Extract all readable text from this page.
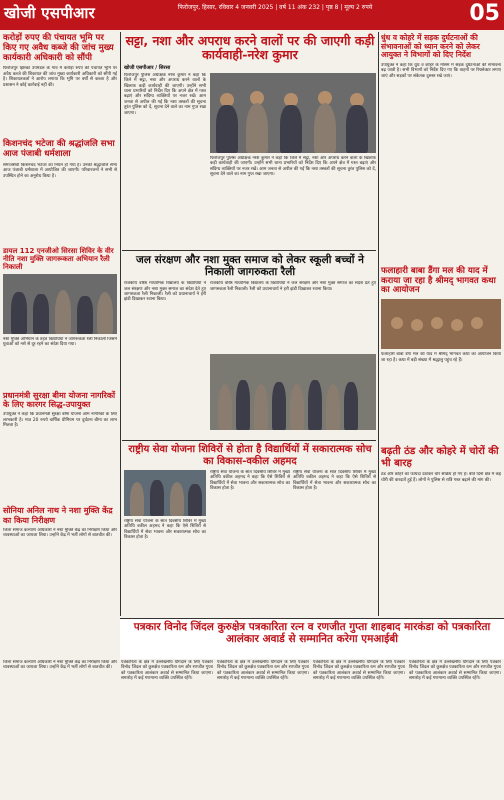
खोजी एसपीआर	फिरोजपुर, हिसार, रविवार 4 जनवरी 2025 | वर्ष 11 अंक 232 | पृष्ठ 8 | मूल्य 2 रुपये	05
करोड़ों रुपए की पंचायत भूमि पर किए गए अवैध कब्जे की जांच मुख्य कार्यकारी अधिकारी को सौंपी

फिरोजपुर झिरका उपमंडल के गांव में करोड़ों रुपए की पंचायत भूमि पर अवैध कब्जे की शिकायत की जांच मुख्य कार्यकारी अधिकारी को सौंपी गई है। शिकायतकर्ता ने आरोप लगाया कि भूमि पर वर्षों से कब्जा है और प्रशासन ने कोई कार्रवाई नहीं की।

किशनचंद भटेजा की श्रद्धांजलि सभा आज पंजाबी धर्मशाला

समाजसेवी किशनचंद भटेजा का निधन हो गया है। उनकी श्रद्धांजलि सभा आज पंजाबी धर्मशाला में आयोजित की जाएगी। परिवारजनों ने सभी से उपस्थित होने का अनुरोध किया है।

डायल 112 एनजीओ सिरसा शिविर के वीर नीति नशा मुक्ति जागरूकता अभियान रैली निकाली

नशा मुक्ति अभियान के तहत विद्यार्थियों ने जागरूकता रैली निकाली जिसमें युवाओं को नशे से दूर रहने का संदेश दिया गया।

प्रधानमंत्री सुरक्षा बीमा योजना नागरिकों के लिए कारगर सिद्ध-उपायुक्त

उपायुक्त ने कहा कि प्रधानमंत्री सुरक्षा बीमा योजना आम नागरिकों के लिए लाभकारी है। मात्र 20 रुपये वार्षिक प्रीमियम पर दुर्घटना बीमा का लाभ मिलता है।

सोनिया अनिल नाथ ने नशा मुक्ति केंद्र का किया निरीक्षण

जिला समाज कल्याण अधिकारी ने नशा मुक्ति केंद्र का निरीक्षण किया और व्यवस्थाओं का जायजा लिया। उन्होंने केंद्र में भर्ती लोगों से बातचीत की।

सट्टा, नशा और अपराध करने वालों पर की जाएगी कड़ी कार्यवाही-नरेश कुमार
खोजी एसपीआर / सिरसा

फिरोजपुर पुलिस अधीक्षक नरेश कुमार ने कहा कि जिले में सट्टा, नशा और अपराध करने वालों के खिलाफ कड़ी कार्यवाही की जाएगी। उन्होंने सभी थाना प्रभारियों को निर्देश दिए कि अपने क्षेत्र में गश्त बढ़ाएं और संदिग्ध व्यक्तियों पर नजर रखें। आम जनता से अपील की गई कि नशा तस्करों की सूचना तुरंत पुलिस को दें, सूचना देने वाले का नाम गुप्त रखा जाएगा।

फिरोजपुर पुलिस अधीक्षक नरेश कुमार ने कहा कि जिले में सट्टा, नशा और अपराध करने वालों के खिलाफ कड़ी कार्यवाही की जाएगी। उन्होंने सभी थाना प्रभारियों को निर्देश दिए कि अपने क्षेत्र में गश्त बढ़ाएं और संदिग्ध व्यक्तियों पर नजर रखें। आम जनता से अपील की गई कि नशा तस्करों की सूचना तुरंत पुलिस को दें, सूचना देने वाले का नाम गुप्त रखा जाएगा।

जल संरक्षण और नशा मुक्त समाज को लेकर स्कूली बच्चों ने निकाली जागरुकता रैली

राजकीय वरिष्ठ माध्यमिक विद्यालय के विद्यार्थियों ने जल संरक्षण और नशा मुक्त समाज का संदेश देते हुए जागरुकता रैली निकाली। रैली को प्रधानाचार्य ने हरी झंडी दिखाकर रवाना किया।

राजकीय वरिष्ठ माध्यमिक विद्यालय के विद्यार्थियों ने जल संरक्षण और नशा मुक्त समाज का संदेश देते हुए जागरुकता रैली निकाली। रैली को प्रधानाचार्य ने हरी झंडी दिखाकर रवाना किया।

राष्ट्रीय सेवा योजना शिविरों से होता है विद्यार्थियों में सकारात्मक सोच का विकास-वकील अहमद

राष्ट्रीय सेवा योजना के सात दिवसीय शिविर में मुख्य अतिथि वकील अहमद ने कहा कि ऐसे शिविरों से विद्यार्थियों में सेवा भावना और सकारात्मक सोच का विकास होता है।

राष्ट्रीय सेवा योजना के सात दिवसीय शिविर में मुख्य अतिथि वकील अहमद ने कहा कि ऐसे शिविरों से विद्यार्थियों में सेवा भावना और सकारात्मक सोच का विकास होता है।

राष्ट्रीय सेवा योजना के सात दिवसीय शिविर में मुख्य अतिथि वकील अहमद ने कहा कि ऐसे शिविरों से विद्यार्थियों में सेवा भावना और सकारात्मक सोच का विकास होता है।

धुंध व कोहरे में सड़क दुर्घटनाओं की संभावनाओं को ध्यान करने को लेकर आयुक्त ने विभागों को दिए निर्देश

उपायुक्त ने कहा कि धुंध व कोहरे के मौसम में सड़क दुर्घटनाओं की संभावना बढ़ जाती है। सभी विभागों को निर्देश दिए गए कि वाहनों पर रिफ्लेक्टर लगाए जाएं और सड़कों पर संकेतक दुरुस्त रखे जाएं।

फलाहारी बाबा डैंगा मल की याद में कराया जा रहा है श्रीमद् भागवत कथा का आयोजन

फलाहारी बाबा डैंगा मल की याद में श्रीमद् भागवत कथा का आयोजन किया जा रहा है। कथा में बड़ी संख्या में श्रद्धालु पहुंच रहे हैं।

बढ़ती ठंड और कोहरे में चोरों की भी बारह

ठंड और कोहरे का फायदा उठाकर चोर सक्रिय हो गए हैं। बीते दिनों क्षेत्र में कई चोरी की वारदातें हुई हैं। लोगों ने पुलिस से रात्रि गश्त बढ़ाने की मांग की।

पत्रकार विनोद जिंदल कुरुक्षेत्र पत्रकारिता रत्न व रणजीत गुप्ता शाहबाद मारकंडा को पत्रकारिता आलंकार अवार्ड से सम्मानित करेगा एमआईबी

जिला समाज कल्याण अधिकारी ने नशा मुक्ति केंद्र का निरीक्षण किया और व्यवस्थाओं का जायजा लिया। उन्होंने केंद्र में भर्ती लोगों से बातचीत की।

पत्रकारिता के क्षेत्र में उल्लेखनीय योगदान के लिए पत्रकार विनोद जिंदल को कुरुक्षेत्र पत्रकारिता रत्न और रणजीत गुप्ता को पत्रकारिता आलंकार अवार्ड से सम्मानित किया जाएगा। समारोह में कई गणमान्य व्यक्ति उपस्थित रहेंगे।

पत्रकारिता के क्षेत्र में उल्लेखनीय योगदान के लिए पत्रकार विनोद जिंदल को कुरुक्षेत्र पत्रकारिता रत्न और रणजीत गुप्ता को पत्रकारिता आलंकार अवार्ड से सम्मानित किया जाएगा। समारोह में कई गणमान्य व्यक्ति उपस्थित रहेंगे।

पत्रकारिता के क्षेत्र में उल्लेखनीय योगदान के लिए पत्रकार विनोद जिंदल को कुरुक्षेत्र पत्रकारिता रत्न और रणजीत गुप्ता को पत्रकारिता आलंकार अवार्ड से सम्मानित किया जाएगा। समारोह में कई गणमान्य व्यक्ति उपस्थित रहेंगे।

पत्रकारिता के क्षेत्र में उल्लेखनीय योगदान के लिए पत्रकार विनोद जिंदल को कुरुक्षेत्र पत्रकारिता रत्न और रणजीत गुप्ता को पत्रकारिता आलंकार अवार्ड से सम्मानित किया जाएगा। समारोह में कई गणमान्य व्यक्ति उपस्थित रहेंगे।
